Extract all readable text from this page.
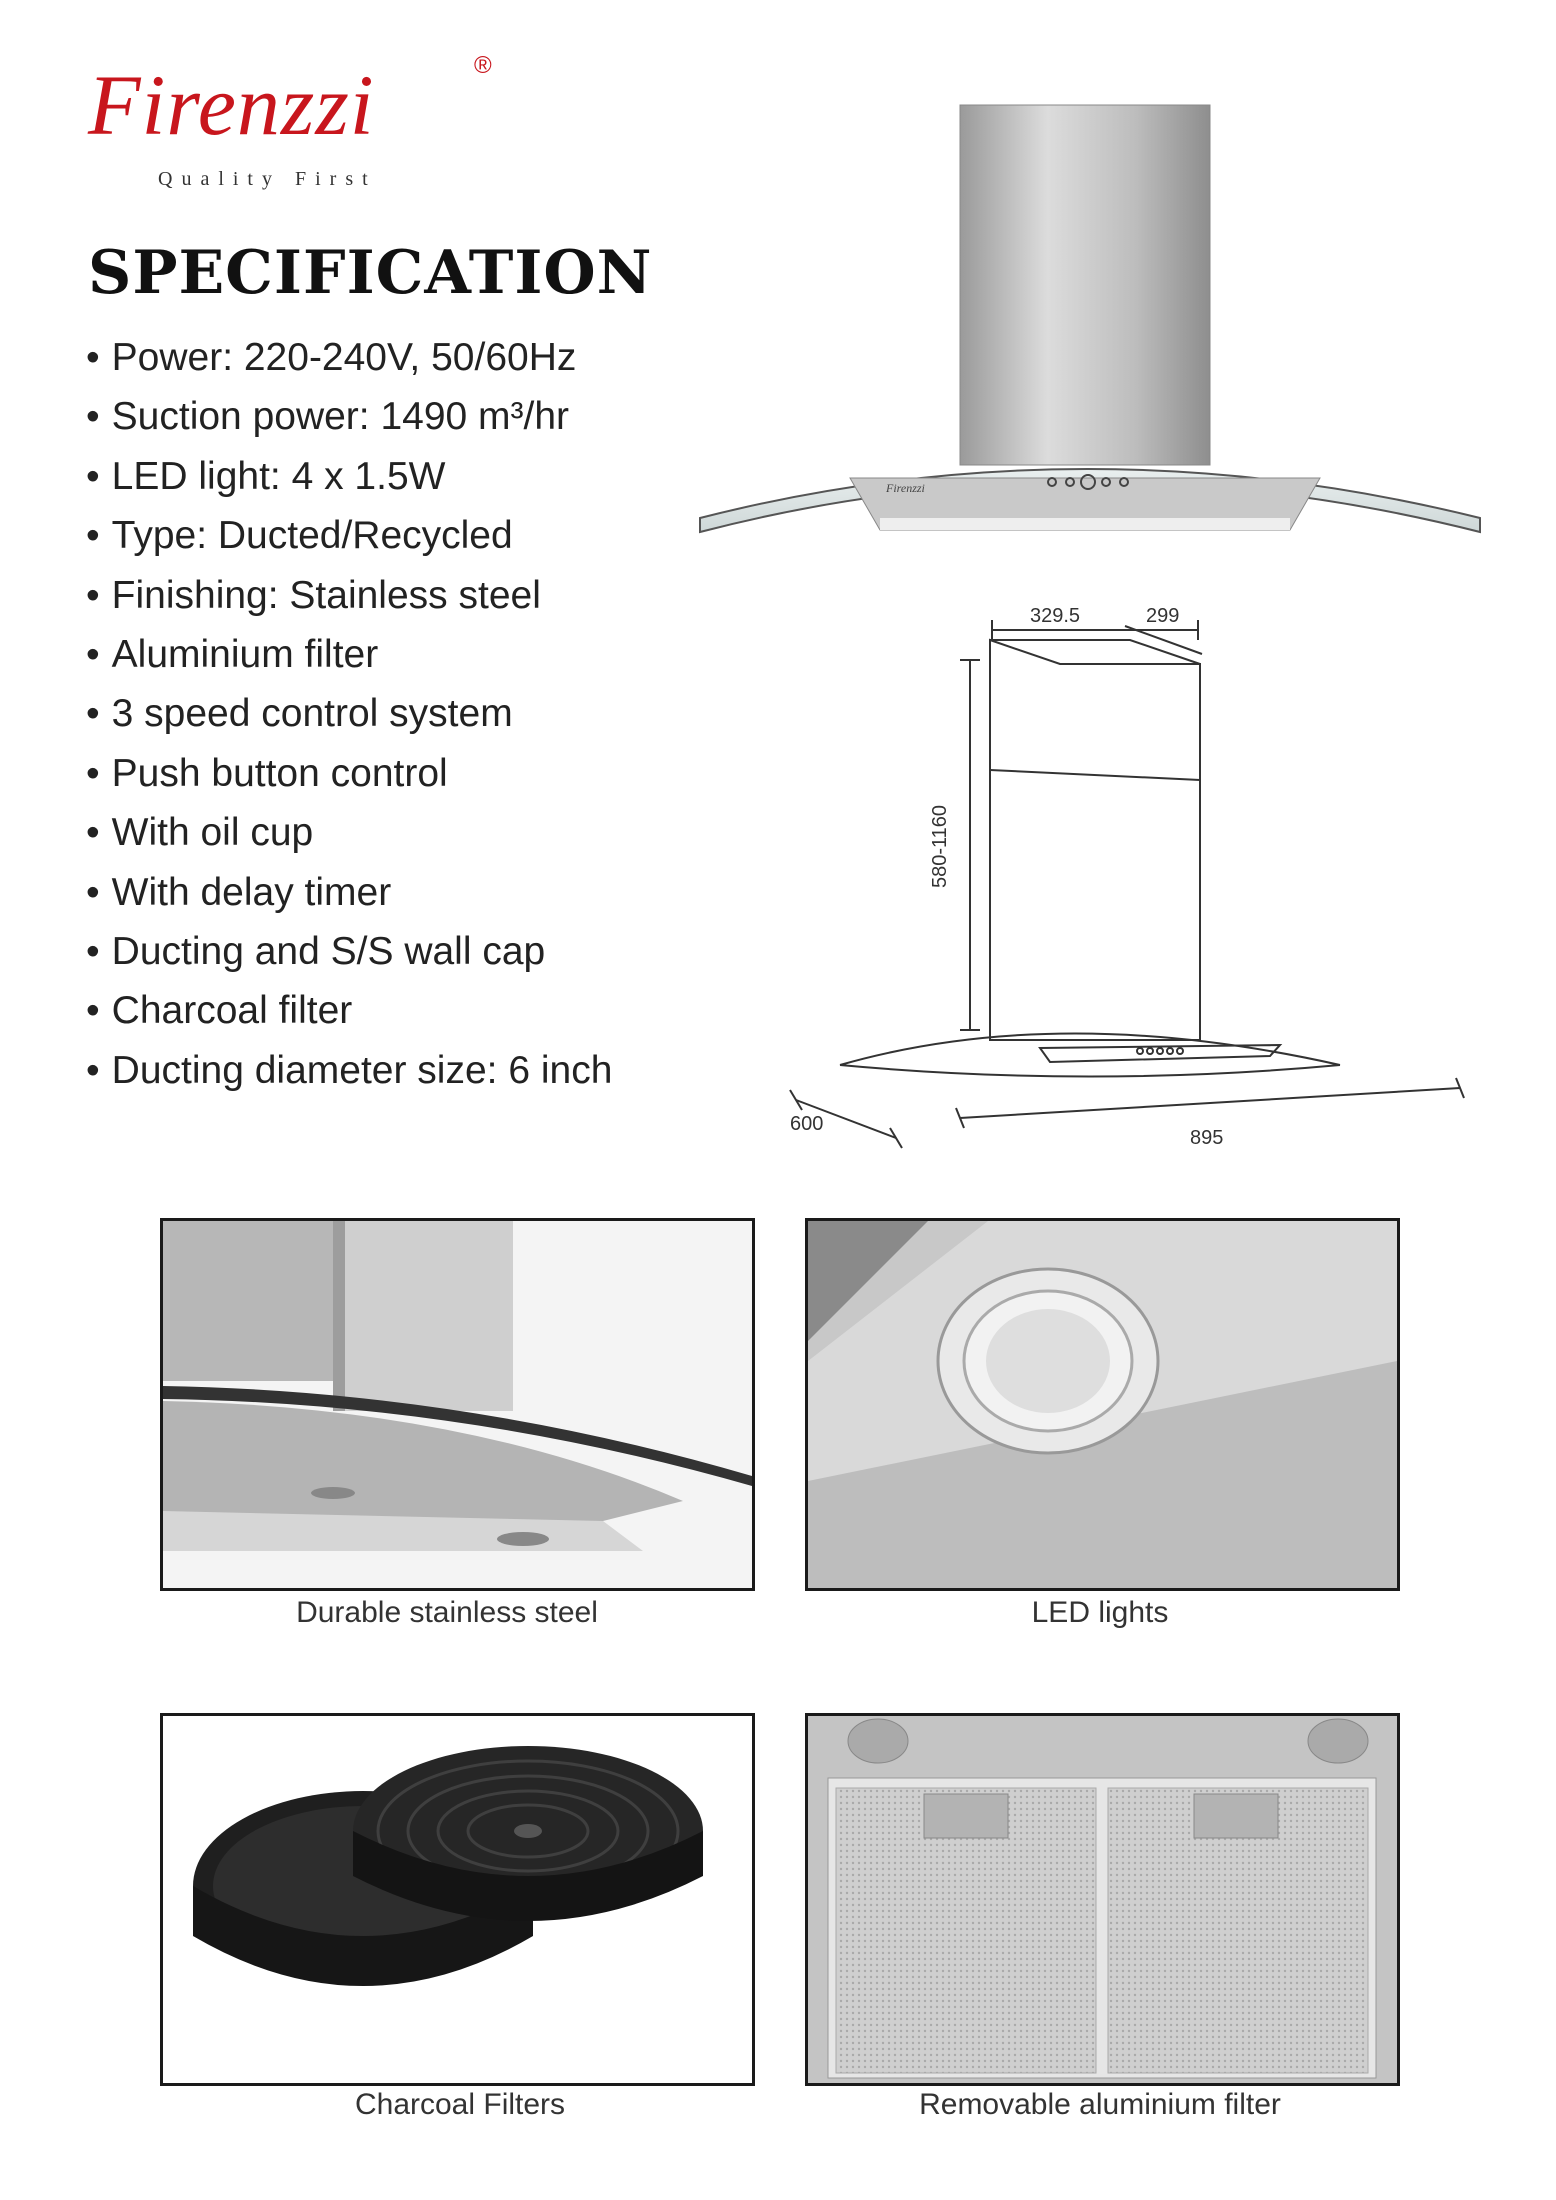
Firenzzi	®
Quality First
SPECIFICATION
• Power: 220-240V, 50/60Hz
• Suction power: 1490 m³/hr
• LED light: 4 x 1.5W
• Type: Ducted/Recycled
• Finishing: Stainless steel
• Aluminium filter
• 3 speed control system
• Push button control
• With oil cup
• With delay timer
• Ducting and S/S wall cap
• Charcoal filter
• Ducting diameter size: 6 inch
Firenzzi
329.5	299
580-1160
600
895
Durable stainless steel	LED lights
Charcoal Filters	Removable aluminium filter
